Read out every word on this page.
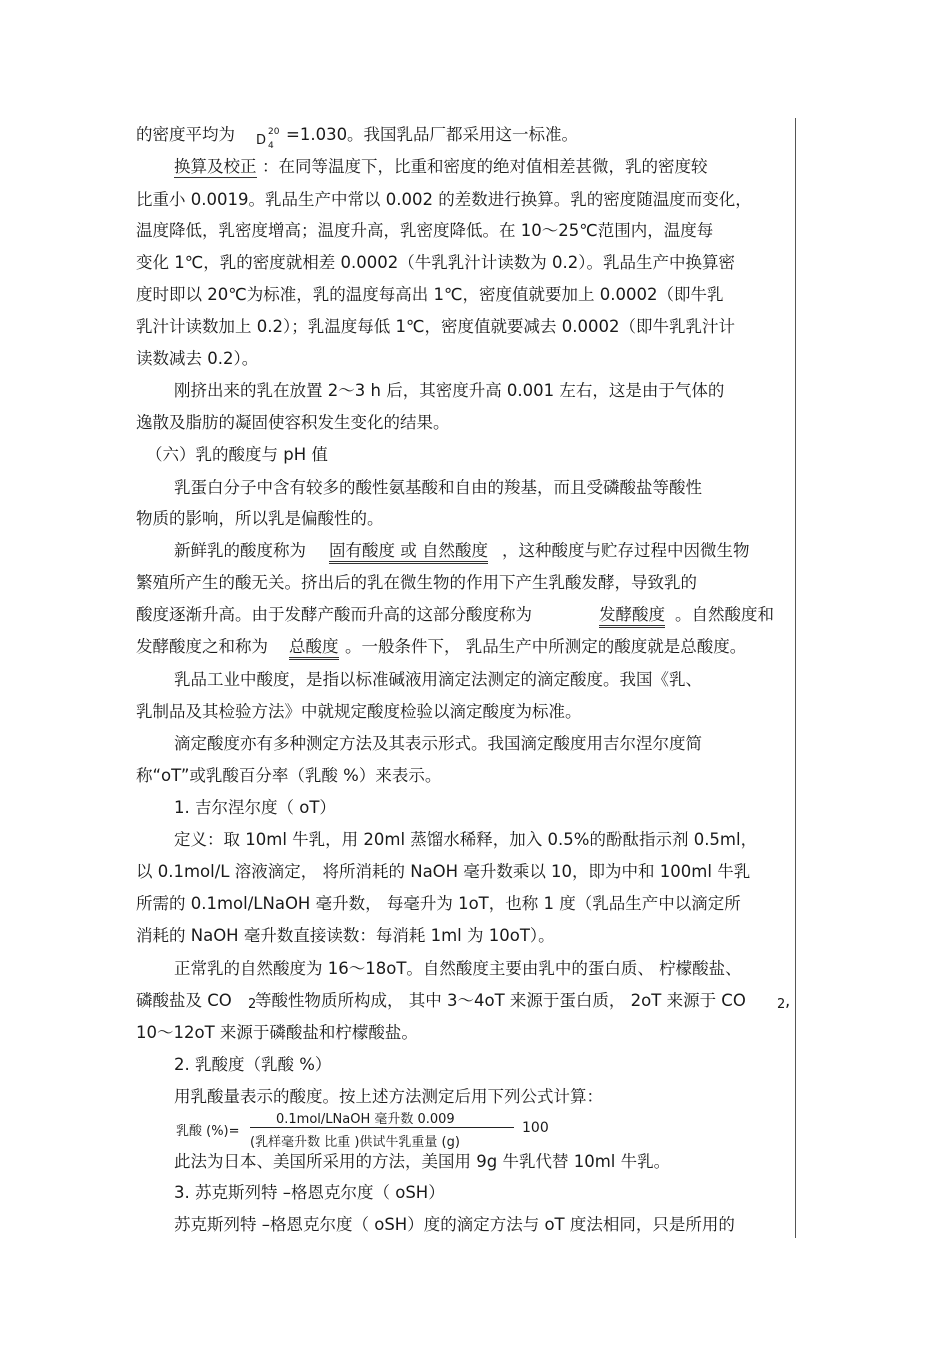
的密度平均为	=1.030。我国乳品厂都采用这一标准。
换算及校正 ：在同等温度下，比重和密度的绝对值相差甚微，乳的密度较
比重小 0.0019。乳品生产中常以 0.002 的差数进行换算。乳的密度随温度而变化，
温度降低，乳密度增高；温度升高，乳密度降低。在 10～25℃范围内，温度每
变化 1℃，乳的密度就相差 0.0002（牛乳乳汁计读数为 0.2）。乳品生产中换算密
度时即以 20℃为标准，乳的温度每高出 1℃，密度值就要加上 0.0002（即牛乳
乳汁计读数加上 0.2）；乳温度每低 1℃，密度值就要减去 0.0002（即牛乳乳汁计
读数减去 0.2）。
刚挤出来的乳在放置 2～3 h 后，其密度升高 0.001 左右，这是由于气体的
逸散及脂肪的凝固使容积发生变化的结果。
（六）乳的酸度与 pH 值
乳蛋白分子中含有较多的酸性氨基酸和自由的羧基，而且受磷酸盐等酸性
物质的影响，所以乳是偏酸性的。
新鲜乳的酸度称为 固有酸度 或 自然酸度 ，这种酸度与贮存过程中因微生物
繁殖所产生的酸无关。挤出后的乳在微生物的作用下产生乳酸发酵，导致乳的
酸度逐渐升高。由于发酵产酸而升高的这部分酸度称为	发酵酸度 。自然酸度和
发酵酸度之和称为 总酸度 。一般条件下， 乳品生产中所测定的酸度就是总酸度。
乳品工业中酸度，是指以标准碱液用滴定法测定的滴定酸度。我国《乳、
乳制品及其检验方法》中就规定酸度检验以滴定酸度为标准。
滴定酸度亦有多种测定方法及其表示形式。我国滴定酸度用吉尔涅尔度简
称“oT”或乳酸百分率（乳酸 %）来表示。
1. 吉尔涅尔度（ oT）
定义：取 10ml 牛乳，用 20ml 蒸馏水稀释，加入 0.5%的酚酞指示剂 0.5ml，
以 0.1mol/L 溶液滴定， 将所消耗的 NaOH 毫升数乘以 10，即为中和 100ml 牛乳
所需的 0.1mol/LNaOH 毫升数， 每毫升为 1oT，也称 1 度（乳品生产中以滴定所
消耗的 NaOH 毫升数直接读数：每消耗 1ml 为 10oT）。
正常乳的自然酸度为 16～18oT。自然酸度主要由乳中的蛋白质、 柠檬酸盐、
磷酸盐及 CO 2
等酸性物质所构成， 其中 3～4oT 来源于蛋白质， 2oT 来源于 CO 2 ,
10～12oT 来源于磷酸盐和柠檬酸盐。
2. 乳酸度（乳酸 %）
用乳酸量表示的酸度。按上述方法测定后用下列公式计算：
此法为日本、美国所采用的方法，美国用 9g 牛乳代替 10ml 牛乳。
3. 苏克斯列特 –格恩克尔度（ oSH）
苏克斯列特 –格恩克尔度（ oSH）度的滴定方法与 oT 度法相同，只是所用的
$_D$
20
4
乳酸 (%)=
0.1mol/LNaOH 毫升数 0.009
(乳样毫升数 比重 )供试牛乳重量 (g)
100
